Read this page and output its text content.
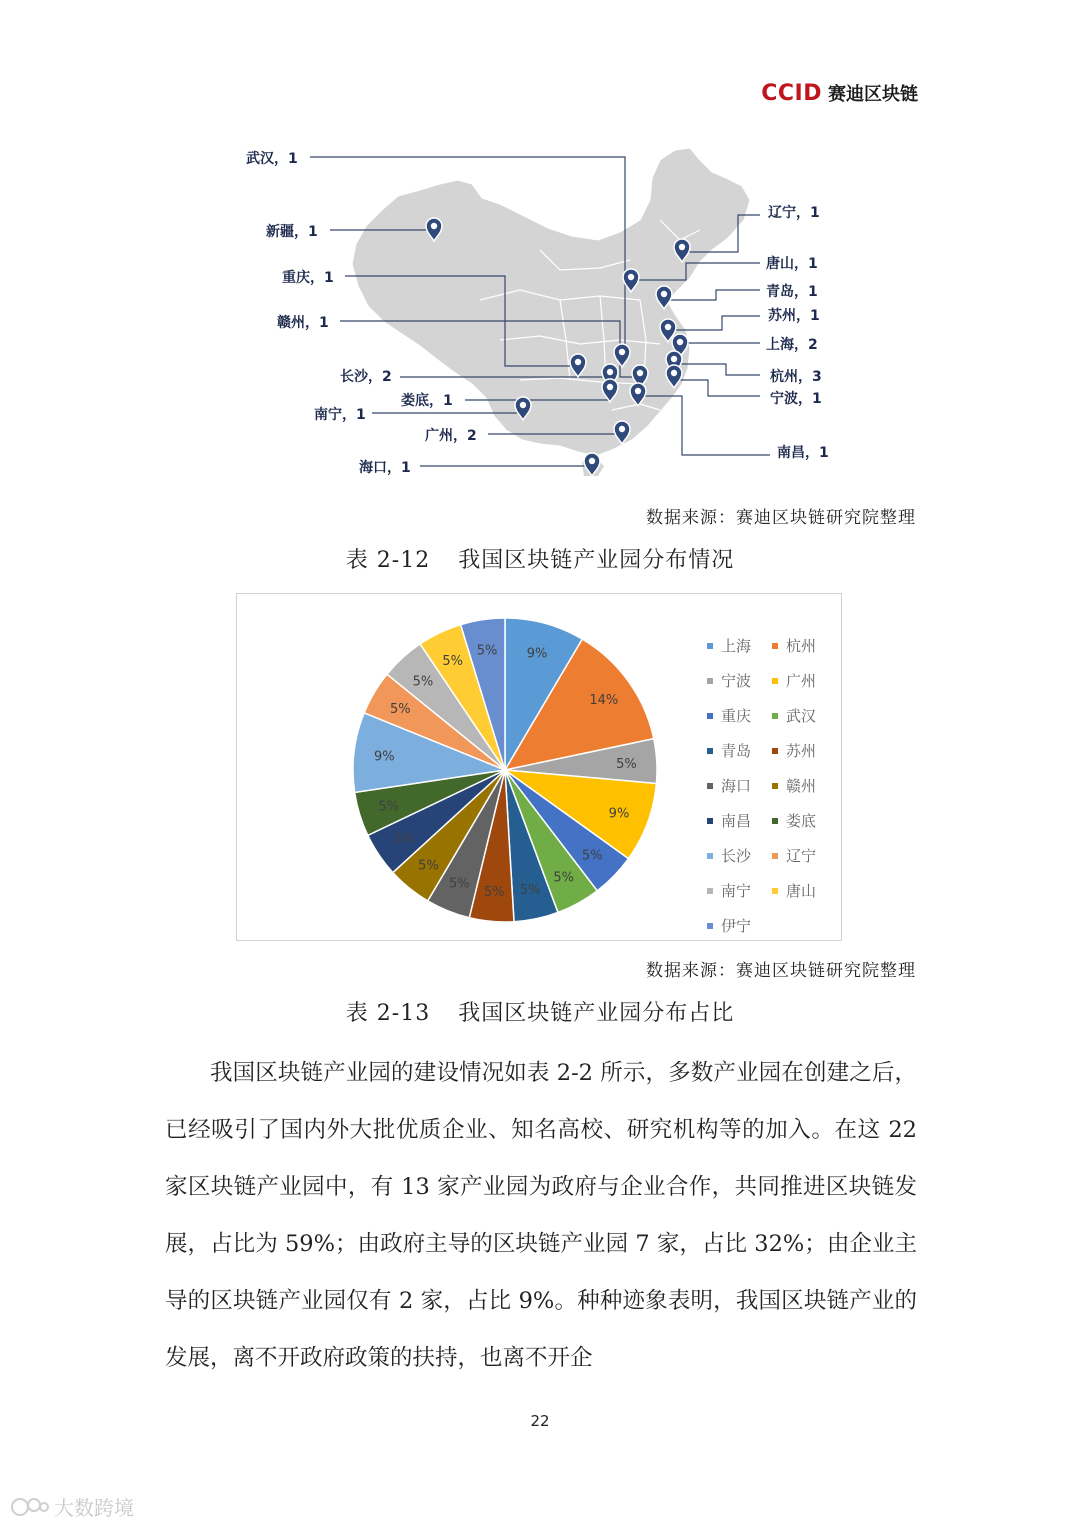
CCID 赛迪区块链
武汉，1
新疆，1
重庆，1
赣州，1
长沙，2
娄底，1
南宁，1
广州，2
海口，1
辽宁，1
唐山，1
青岛，1
苏州，1
上海，2
杭州，3
宁波，1
南昌，1
数据来源：赛迪区块链研究院整理
表 2-12 我国区块链产业园分布情况
9%
14%
5%
9%
5%
5%
5%
5%
5%
5%
5%
5%
9%
5%
5%
5%
5%	上海 杭州
宁波 广州
重庆 武汉
青岛 苏州
海口 赣州
南昌 娄底
长沙 辽宁
南宁 唐山
伊宁
数据来源：赛迪区块链研究院整理
表 2-13 我国区块链产业园分布占比

我国区块链产业园的建设情况如表 2-2 所示，多数产业园在创建之后，已经吸引了国内外大批优质企业、知名高校、研究机构等的加入。在这 22 家区块链产业园中，有 13 家产业园为政府与企业合作，共同推进区块链发展，占比为 59%；由政府主导的区块链产业园 7 家，占比 32%；由企业主导的区块链产业园仅有 2 家，占比 9%。种种迹象表明，我国区块链产业的发展，离不开政府政策的扶持，也离不开企

22
大数跨境
